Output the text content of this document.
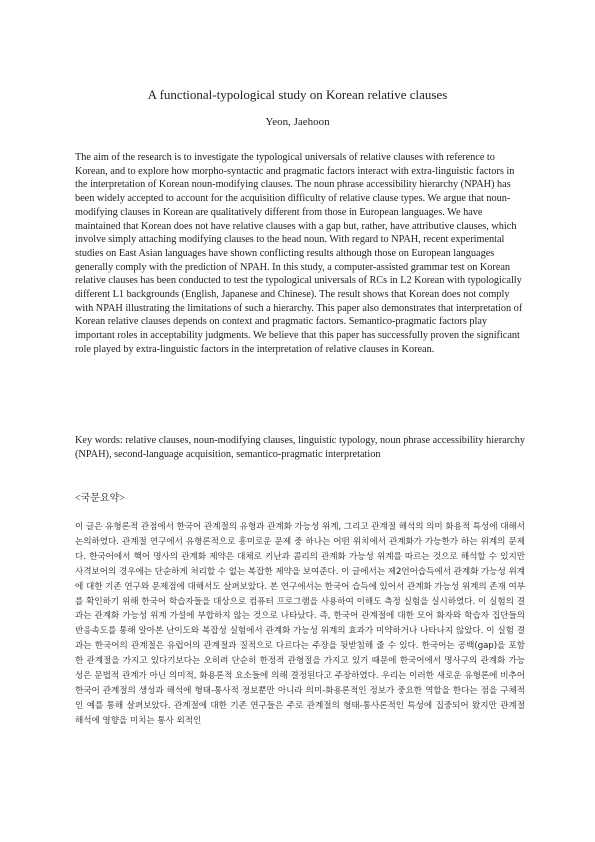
A functional-typological study on Korean relative clauses
Yeon, Jaehoon

The aim of the research is to investigate the typological universals of relative clauses with reference to Korean, and to explore how morpho-syntactic and pragmatic factors interact with extra-linguistic factors in the interpretation of Korean noun-modifying clauses. The noun phrase accessibility hierarchy (NPAH) has been widely accepted to account for the acquisition difficulty of relative clause types. We argue that noun-modifying clauses in Korean are qualitatively different from those in European languages. We have maintained that Korean does not have relative clauses with a gap but, rather, have attributive clauses, which involve simply attaching modifying clauses to the head noun. With regard to NPAH, recent experimental studies on East Asian languages have shown conflicting results although those on European languages generally comply with the prediction of NPAH. In this study, a computer-assisted grammar test on Korean relative clauses has been conducted to test the typological universals of RCs in L2 Korean with typologically different L1 backgrounds (English, Japanese and Chinese). The result shows that Korean does not comply with NPAH illustrating the limitations of such a hierarchy. This paper also demonstrates that interpretation of Korean relative clauses depends on context and pragmatic factors. Semantico-pragmatic factors play important roles in acceptability judgments. We believe that this paper has successfully proven the significant role played by extra-linguistic factors in the interpretation of relative clauses in Korean.

Key words: relative clauses, noun-modifying clauses, linguistic typology, noun phrase accessibility hierarchy (NPAH), second-language acquisition, semantico-pragmatic interpretation

<국문요약>

이 글은 유형론적 관점에서 한국어 관계절의 유형과 관계화 가능성 위계, 그리고 관계절 해석의 의미 화용적 특성에 대해서 논의하였다. 관계절 연구에서 유형론적으로 흥미로운 문제 중 하나는 어떤 위치에서 관계화가 가능한가 하는 위계의 문제다. 한국어에서 핵어 명사의 관계화 제약은 대체로 키난과 콤리의 관계화 가능성 위계를 따르는 것으로 해석할 수 있지만 사격보어의 경우에는 단순하게 처리할 수 없는 복잡한 제약을 보여준다. 이 글에서는 제2언어습득에서 관계화 가능성 위계에 대한 기존 연구와 문제점에 대해서도 살펴보았다. 본 연구에서는 한국어 습득에 있어서 관계화 가능성 위계의 존재 여부를 확인하기 위해 한국어 학습자들을 대상으로 컴퓨터 프로그램을 사용하여 이해도 측정 실험을 실시하였다. 이 실험의 결과는 관계화 가능성 위계 가설에 부합하지 않는 것으로 나타났다. 즉, 한국어 관계절에 대한 모어 화자와 학습자 집단들의 반응속도를 통해 알아본 난이도와 복잡성 실험에서 관계화 가능성 위계의 효과가 미약하거나 나타나지 않았다. 이 실험 결과는 한국어의 관계절은 유럽어의 관계절과 질적으로 다르다는 주장을 뒷받침해 줄 수 있다. 한국어는 공백(gap)을 포함한 관계절을 가지고 있다기보다는 오히려 단순히 한정적 관형절을 가지고 있기 때문에 한국어에서 명사구의 관계화 가능성은 문법적 관계가 아닌 의미적, 화용론적 요소들에 의해 결정된다고 주장하였다. 우리는 이러한 새로운 유형론에 비추어 한국어 관계절의 생성과 해석에 형태-통사적 정보뿐만 아니라 의미-화용론적인 정보가 중요한 역할을 한다는 점을 구체적인 예를 통해 살펴보았다. 관계절에 대한 기존 연구들은 주로 관계절의 형태-통사론적인 특성에 집중되어 왔지만 관계절 해석에 영향을 미치는 통사 외적인
